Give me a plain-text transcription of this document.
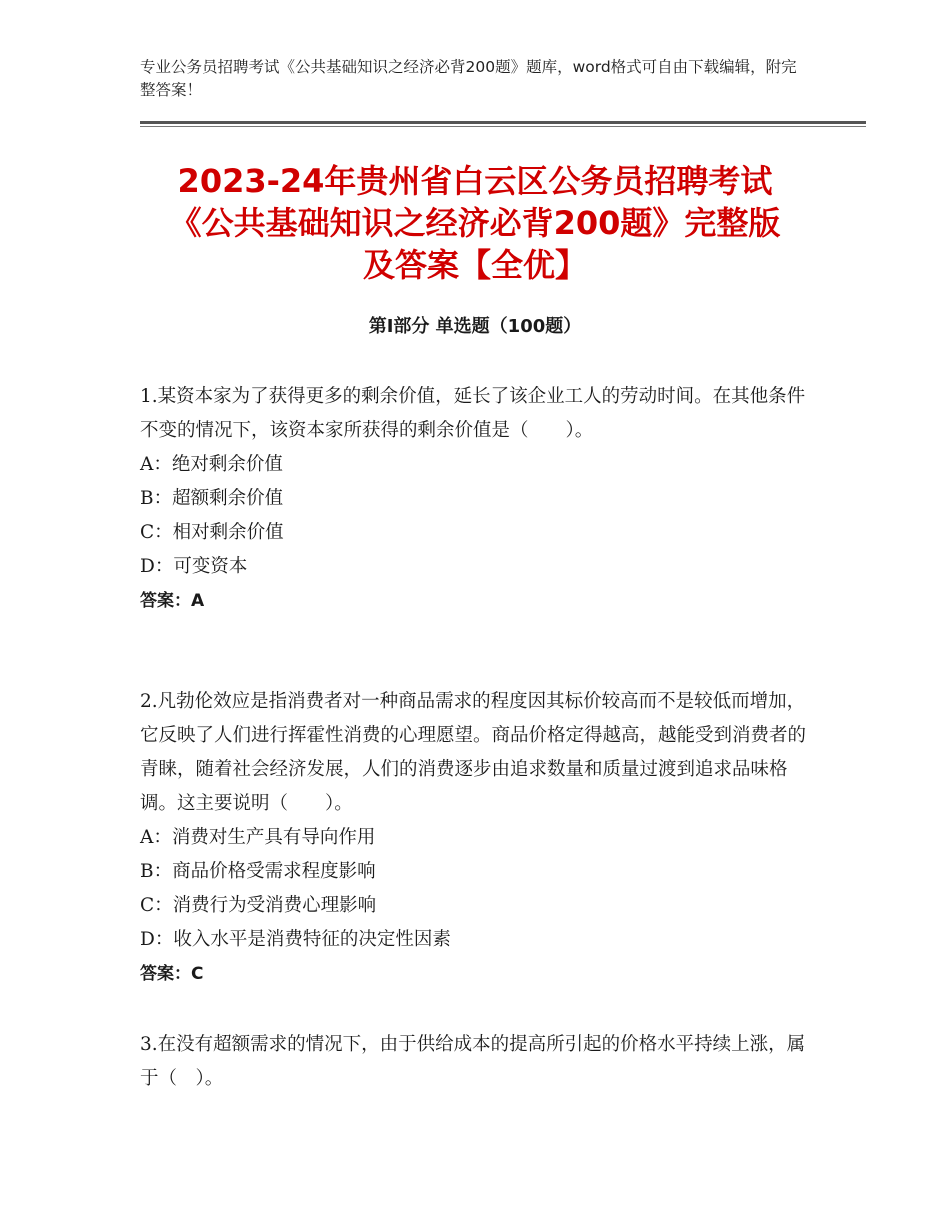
专业公务员招聘考试《公共基础知识之经济必背200题》题库，word格式可自由下载编辑，附完整答案！
2023-24年贵州省白云区公务员招聘考试
《公共基础知识之经济必背200题》完整版
及答案【全优】
第I部分 单选题（100题）
1.某资本家为了获得更多的剩余价值，延长了该企业工人的劳动时间。在其他条件不变的情况下，该资本家所获得的剩余价值是（　　）。
A：绝对剩余价值
B：超额剩余价值
C：相对剩余价值
D：可变资本
答案：A
2.凡勃伦效应是指消费者对一种商品需求的程度因其标价较高而不是较低而增加，它反映了人们进行挥霍性消费的心理愿望。商品价格定得越高，越能受到消费者的青睐，随着社会经济发展，人们的消费逐步由追求数量和质量过渡到追求品味格调。这主要说明（　　）。
A：消费对生产具有导向作用
B：商品价格受需求程度影响
C：消费行为受消费心理影响
D：收入水平是消费特征的决定性因素
答案：C
3.在没有超额需求的情况下，由于供给成本的提高所引起的价格水平持续上涨，属于（　）。
